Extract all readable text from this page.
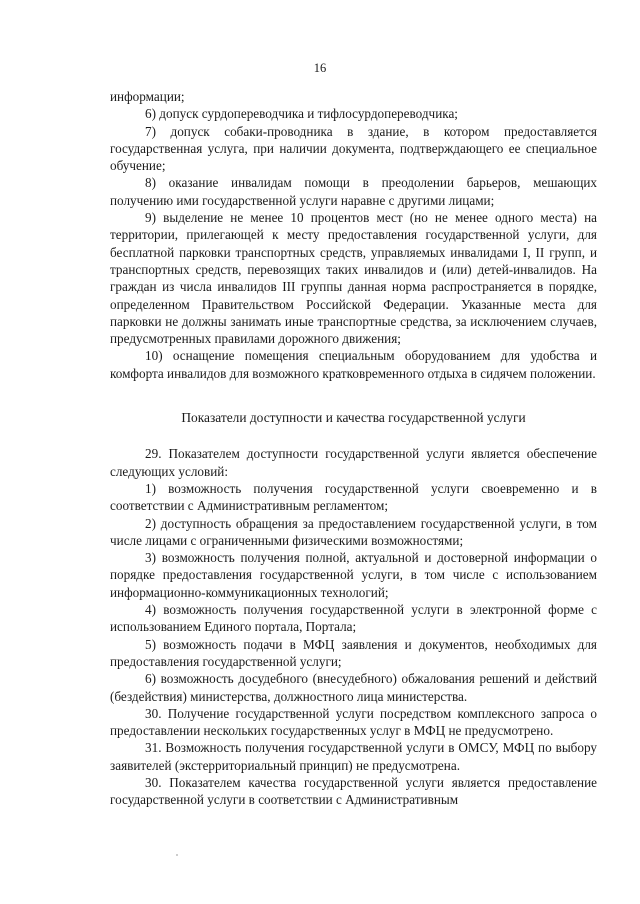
16
информации;
6) допуск сурдопереводчика и тифлосурдопереводчика;
7) допуск собаки-проводника в здание, в котором предоставляется государственная услуга, при наличии документа, подтверждающего ее специальное обучение;
8) оказание инвалидам помощи в преодолении барьеров, мешающих получению ими государственной услуги наравне с другими лицами;
9) выделение не менее 10 процентов мест (но не менее одного места) на территории, прилегающей к месту предоставления государственной услуги, для бесплатной парковки транспортных средств, управляемых инвалидами I, II групп, и транспортных средств, перевозящих таких инвалидов и (или) детей-инвалидов. На граждан из числа инвалидов III группы данная норма распространяется в порядке, определенном Правительством Российской Федерации. Указанные места для парковки не должны занимать иные транспортные средства, за исключением случаев, предусмотренных правилами дорожного движения;
10) оснащение помещения специальным оборудованием для удобства и комфорта инвалидов для возможного кратковременного отдыха в сидячем положении.
Показатели доступности и качества государственной услуги
29. Показателем доступности государственной услуги является обеспечение следующих условий:
1) возможность получения государственной услуги своевременно и в соответствии с Административным регламентом;
2) доступность обращения за предоставлением государственной услуги, в том числе лицами с ограниченными физическими возможностями;
3) возможность получения полной, актуальной и достоверной информации о порядке предоставления государственной услуги, в том числе с использованием информационно-коммуникационных технологий;
4) возможность получения государственной услуги в электронной форме с использованием Единого портала, Портала;
5) возможность подачи в МФЦ заявления и документов, необходимых для предоставления государственной услуги;
6) возможность досудебного (внесудебного) обжалования решений и действий (бездействия) министерства, должностного лица министерства.
30. Получение государственной услуги посредством комплексного запроса о предоставлении нескольких государственных услуг в МФЦ не предусмотрено.
31. Возможность получения государственной услуги в ОМСУ, МФЦ по выбору заявителей (экстерриториальный принцип) не предусмотрена.
30. Показателем качества государственной услуги является предоставление государственной услуги в соответствии с Административным
